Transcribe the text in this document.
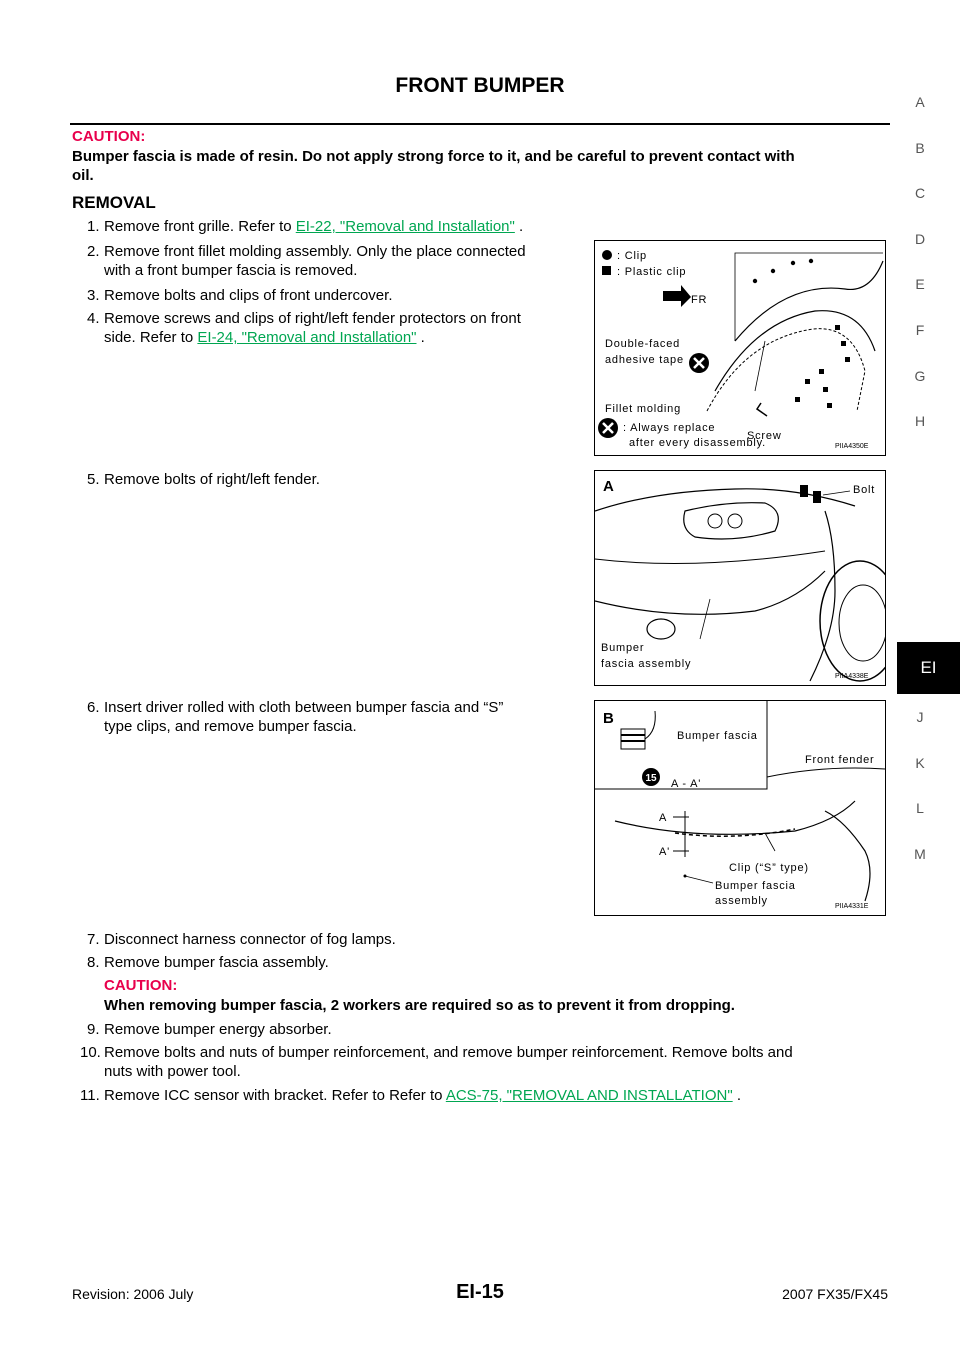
FRONT BUMPER
CAUTION:
Bumper fascia is made of resin. Do not apply strong force to it, and be careful to prevent contact with
oil.
REMOVAL
1. Remove front grille. Refer to EI-22, "Removal and Installation" .
2. Remove front fillet molding assembly. Only the place connected
with a front bumper fascia is removed.
3. Remove bolts and clips of front undercover.
4. Remove screws and clips of right/left fender protectors on front
side. Refer to EI-24, "Removal and Installation" .
5. Remove bolts of right/left fender.
6. Insert driver rolled with cloth between bumper fascia and “S”
type clips, and remove bumper fascia.
7. Disconnect harness connector of fog lamps.
8. Remove bumper fascia assembly.
CAUTION:
When removing bumper fascia, 2 workers are required so as to prevent it from dropping.
9. Remove bumper energy absorber.
10. Remove bolts and nuts of bumper reinforcement, and remove bumper reinforcement. Remove bolts and
nuts with power tool.
11. Remove ICC sensor with bracket. Refer to Refer to ACS-75, "REMOVAL AND INSTALLATION" .
: Clip
: Plastic clip
FR
Double-faced
adhesive tape
Fillet molding
: Always replace
after every disassembly.
Screw
PIIA4350E
A	Bolt
Bumper
fascia assembly
PIIA4338E
B
15
Bumper fascia
A - A'
Front fender
A
A'
Clip (“S” type)
Bumper fascia
assembly	PIIA4331E
A
B
C
D
E
F
G
H
EI
J
K
L
M
Revision: 2006 July	EI-15	2007 FX35/FX45
